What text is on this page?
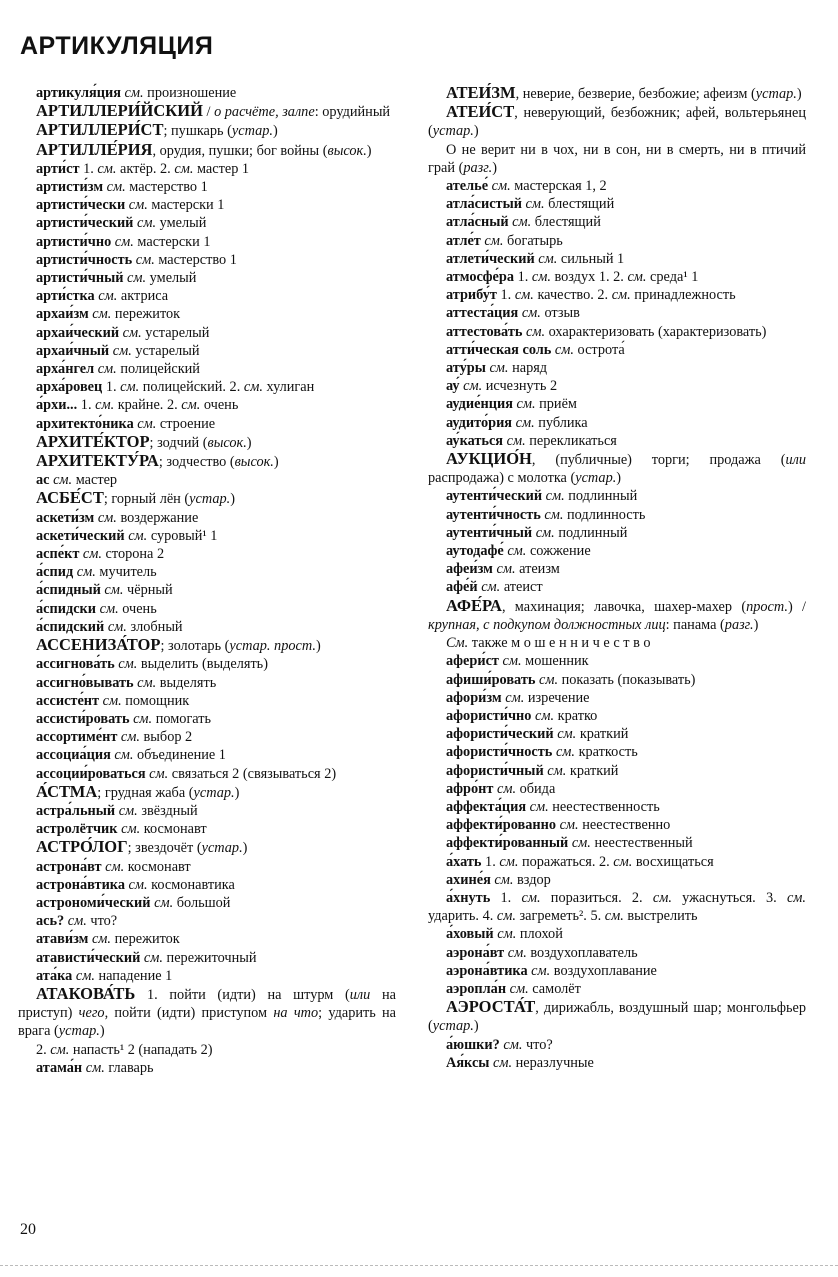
АРТИКУЛЯЦИЯ

артикуля́ция см. произношение

АРТИЛЛЕРИ́ЙСКИЙ / о расчёте, залпе: орудийный

АРТИЛЛЕРИ́СТ; пушкарь (устар.)

АРТИЛЛЕ́РИЯ, орудия, пушки; бог войны (высок.)

арти́ст 1. см. актёр. 2. см. мастер 1

артисти́зм см. мастерство 1

артисти́чески см. мастерски 1

артисти́ческий см. умелый

артисти́чно см. мастерски 1

артисти́чность см. мастерство 1

артисти́чный см. умелый

арти́стка см. актриса

архаи́зм см. пережиток

архаи́ческий см. устарелый

архаи́чный см. устарелый

арха́нгел см. полицейский

арха́ровец 1. см. полицейский. 2. см. хулиган

а́рхи... 1. см. крайне. 2. см. очень

архитекто́ника см. строение

АРХИТЕ́КТОР; зодчий (высок.)

АРХИТЕКТУ́РА; зодчество (высок.)

ас см. мастер

АСБЕ́СТ; горный лён (устар.)

аскети́зм см. воздержание

аскети́ческий см. суровый¹ 1

аспе́кт см. сторона 2

а́спид см. мучитель

а́спидный см. чёрный

а́спидски см. очень

а́спидский см. злобный

АССЕНИЗА́ТОР; золотарь (устар. прост.)

ассигнова́ть см. выделить (выделять)

ассигно́вывать см. выделять

ассисте́нт см. помощник

ассисти́ровать см. помогать

ассортиме́нт см. выбор 2

ассоциа́ция см. объединение 1

ассоции́роваться см. связаться 2 (связываться 2)

А́СТМА; грудная жаба (устар.)

астра́льный см. звёздный

астролётчик см. космонавт

АСТРО́ЛОГ; звездочёт (устар.)

астрона́вт см. космонавт

астрона́втика см. космонавтика

астрономи́ческий см. большой

ась? см. что?

атави́зм см. пережиток

атависти́ческий см. пережиточный

ата́ка см. нападение 1

АТАКОВА́ТЬ 1. пойти (идти) на штурм (или на приступ) чего, пойти (идти) приступом на что; ударить на врага (устар.)

2. см. напасть¹ 2 (нападать 2)

атама́н см. главарь

АТЕИ́ЗМ, неверие, безверие, безбожие; афеизм (устар.)

АТЕИ́СТ, неверующий, безбожник; афей, вольтерьянец (устар.)

О не верит ни в чох, ни в сон, ни в смерть, ни в птичий грай (разг.)

ателье́ см. мастерская 1, 2

атла́систый см. блестящий

атла́сный см. блестящий

атле́т см. богатырь

атлети́ческий см. сильный 1

атмосфе́ра 1. см. воздух 1. 2. см. среда¹ 1

атрибу́т 1. см. качество. 2. см. принадлежность

аттеста́ция см. отзыв

аттестова́ть см. охарактеризовать (характеризовать)

атти́ческая соль см. острота́

ату́ры см. наряд

ау́ см. исчезнуть 2

аудие́нция см. приём

аудито́рия см. публика

ау́каться см. перекликаться

АУКЦИО́Н, (публичные) торги; продажа (или распродажа) с молотка (устар.)

аутенти́ческий см. подлинный

аутенти́чность см. подлинность

аутенти́чный см. подлинный

аутодафе́ см. сожжение

афеи́зм см. атеизм

афе́й см. атеист

АФЕ́РА, махинация; лавочка, шахер-махер (прост.) / крупная, с подкупом должностных лиц: панама (разг.)

См. также м о ш е н н и ч е с т в о

афери́ст см. мошенник

афиши́ровать см. показать (показывать)

афори́зм см. изречение

афористи́чно см. кратко

афористи́ческий см. краткий

афористи́чность см. краткость

афористи́чный см. краткий

афро́нт см. обида

аффекта́ция см. неестественность

аффекти́рованно см. неестественно

аффекти́рованный см. неестественный

а́хать 1. см. поражаться. 2. см. восхищаться

ахине́я см. вздор

а́хнуть 1. см. поразиться. 2. см. ужаснуться. 3. см. ударить. 4. см. загреметь². 5. см. выстрелить

а́ховый см. плохой

аэрона́вт см. воздухоплаватель

аэрона́втика см. воздухоплавание

аэропла́н см. самолёт

АЭРОСТА́Т, дирижабль, воздушный шар; монгольфьер (устар.)

а́юшки? см. что?

Ая́ксы см. неразлучные

20
